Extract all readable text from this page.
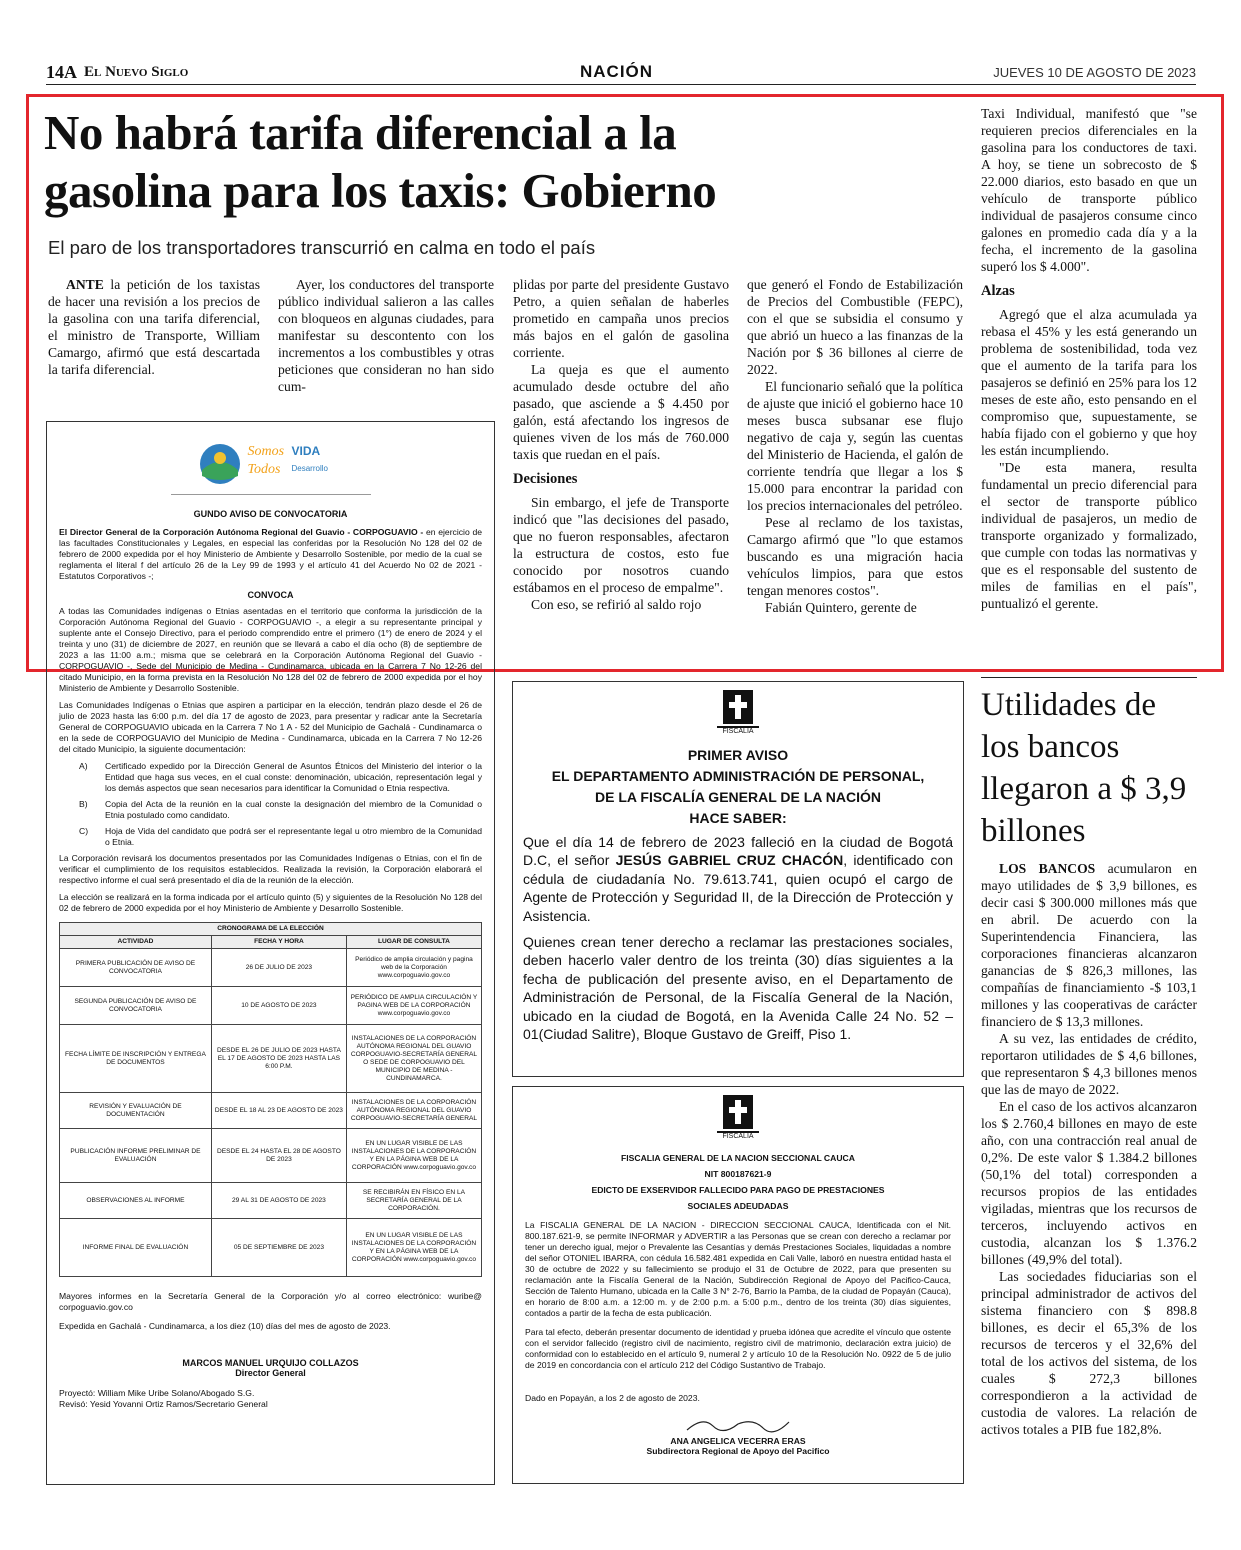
14A El Nuevo Siglo	NACIÓN	JUEVES 10 DE AGOSTO DE 2023
No habrá tarifa diferencial a la
gasolina para los taxis: Gobierno
El paro de los transportadores transcurrió en calma en todo el país

ANTE la petición de los taxistas de hacer una revisión a los precios de la gasolina con una tarifa diferencial, el ministro de Transporte, William Camargo, afirmó que está descartada la tarifa diferencial.

Ayer, los conductores del transporte público individual salieron a las calles con bloqueos en algunas ciudades, para manifestar su descontento con los incrementos a los combustibles y otras peticiones que consideran no han sido cum-

plidas por parte del presidente Gustavo Petro, a quien señalan de haberles prometido en campaña unos precios más bajos en el galón de gasolina corriente.

La queja es que el aumento acumulado desde octubre del año pasado, que asciende a $ 4.450 por galón, está afectando los ingresos de quienes viven de los más de 760.000 taxis que ruedan en el país.

Decisiones

Sin embargo, el jefe de Transporte indicó que "las decisiones del pasado, que no fueron responsables, afectaron la estructura de costos, esto fue conocido por nosotros cuando estábamos en el proceso de empalme".

Con eso, se refirió al saldo rojo

que generó el Fondo de Estabilización de Precios del Combustible (FEPC), con el que se subsidia el consumo y que abrió un hueco a las finanzas de la Nación por $ 36 billones al cierre de 2022.

El funcionario señaló que la política de ajuste que inició el gobierno hace 10 meses busca subsanar ese flujo negativo de caja y, según las cuentas del Ministerio de Hacienda, el galón de corriente tendría que llegar a los $ 15.000 para encontrar la paridad con los precios internacionales del petróleo.

Pese al reclamo de los taxistas, Camargo afirmó que "lo que estamos buscando es una migración hacia vehículos limpios, para que estos tengan menores costos".

Fabián Quintero, gerente de

Taxi Individual, manifestó que "se requieren precios diferenciales en la gasolina para los conductores de taxi. A hoy, se tiene un sobrecosto de $ 22.000 diarios, esto basado en que un vehículo de transporte público individual de pasajeros consume cinco galones en promedio cada día y a la fecha, el incremento de la gasolina superó los $ 4.000".

Alzas

Agregó que el alza acumulada ya rebasa el 45% y les está generando un problema de sostenibilidad, toda vez que el aumento de la tarifa para los pasajeros se definió en 25% para los 12 meses de este año, esto pensando en el compromiso que, supuestamente, se había fijado con el gobierno y que hoy les están incumpliendo.

"De esta manera, resulta fundamental un precio diferencial para el sector de transporte público individual de pasajeros, un medio de transporte organizado y formalizado, que cumple con todas las normativas y que es el responsable del sustento de miles de familias en el país", puntualizó el gerente.

Utilidades de los bancos llegaron a $ 3,9 billones

LOS BANCOS acumularon en mayo utilidades de $ 3,9 billones, es decir casi $ 300.000 millones más que en abril. De acuerdo con la Superintendencia Financiera, las corporaciones financieras alcanzaron ganancias de $ 826,3 millones, las compañías de financiamiento -$ 103,1 millones y las cooperativas de carácter financiero de $ 13,3 millones.

A su vez, las entidades de crédito, reportaron utilidades de $ 4,6 billones, que representaron $ 4,3 billones menos que las de mayo de 2022.

En el caso de los activos alcanzaron los $ 2.760,4 billones en mayo de este año, con una contracción real anual de 0,2%. De este valor $ 1.384.2 billones (50,1% del total) corresponden a recursos propios de las entidades vigiladas, mientras que los recursos de terceros, incluyendo activos en custodia, alcanzan los $ 1.376.2 billones (49,9% del total).

Las sociedades fiduciarias son el principal administrador de activos del sistema financiero con $ 898.8 billones, es decir el 65,3% de los recursos de terceros y el 32,6% del total de los activos del sistema, de los cuales $ 272,3 billones correspondieron a la actividad de custodia de valores. La relación de activos totales a PIB fue 182,8%.

Somos
Todos
VIDA
Desarrollo
GUNDO AVISO DE CONVOCATORIA

El Director General de la Corporación Autónoma Regional del Guavio - CORPOGUAVIO - en ejercicio de las facultades Constitucionales y Legales, en especial las conferidas por la Resolución No 128 del 02 de febrero de 2000 expedida por el hoy Ministerio de Ambiente y Desarrollo Sostenible, por medio de la cual se reglamenta el literal f del artículo 26 de la Ley 99 de 1993 y el artículo 41 del Acuerdo No 02 de 2021 - Estatutos Corporativos -;

CONVOCA

A todas las Comunidades indígenas o Etnias asentadas en el territorio que conforma la jurisdicción de la Corporación Autónoma Regional del Guavio - CORPOGUAVIO -, a elegir a su representante principal y suplente ante el Consejo Directivo, para el periodo comprendido entre el primero (1°) de enero de 2024 y el treinta y uno (31) de diciembre de 2027, en reunión que se llevará a cabo el día ocho (8) de septiembre de 2023 a las 11:00 a.m.; misma que se celebrará en la Corporación Autónoma Regional del Guavio - CORPOGUAVIO -, Sede del Municipio de Medina - Cundinamarca, ubicada en la Carrera 7 No 12-26 del citado Municipio, en la forma prevista en la Resolución No 128 del 02 de febrero de 2000 expedida por el hoy Ministerio de Ambiente y Desarrollo Sostenible.

Las Comunidades Indígenas o Etnias que aspiren a participar en la elección, tendrán plazo desde el 26 de julio de 2023 hasta las 6:00 p.m. del día 17 de agosto de 2023, para presentar y radicar ante la Secretaría General de CORPOGUAVIO ubicada en la Carrera 7 No 1 A - 52 del Municipio de Gachalá - Cundinamarca o en la sede de CORPOGUAVIO del Municipio de Medina - Cundinamarca, ubicada en la Carrera 7 No 12-26 del citado Municipio, la siguiente documentación:

A)	Certificado expedido por la Dirección General de Asuntos Étnicos del Ministerio del interior o la Entidad que haga sus veces, en el cual conste: denominación, ubicación, representación legal y los demás aspectos que sean necesarios para identificar la Comunidad o Etnia respectiva.
B)	Copia del Acta de la reunión en la cual conste la designación del miembro de la Comunidad o Etnia postulado como candidato.
C)	Hoja de Vida del candidato que podrá ser el representante legal u otro miembro de la Comunidad o Etnia.

La Corporación revisará los documentos presentados por las Comunidades Indígenas o Etnias, con el fin de verificar el cumplimiento de los requisitos establecidos. Realizada la revisión, la Corporación elaborará el respectivo informe el cual será presentado el día de la reunión de la elección.

La elección se realizará en la forma indicada por el artículo quinto (5) y siguientes de la Resolución No 128 del 02 de febrero de 2000 expedida por el hoy Ministerio de Ambiente y Desarrollo Sostenible.

CRONOGRAMA DE LA ELECCIÓN		
ACTIVIDAD	FECHA Y HORA	LUGAR DE CONSULTA
PRIMERA PUBLICACIÓN DE AVISO DE CONVOCATORIA	26 DE JULIO DE 2023	Periódico de amplia circulación y pagina web de la Corporación www.corpoguavio.gov.co
SEGUNDA PUBLICACIÓN DE AVISO DE CONVOCATORIA	10 DE AGOSTO DE 2023	PERIÓDICO DE AMPLIA CIRCULACIÓN Y PAGINA WEB DE LA CORPORACIÓN www.corpoguavio.gov.co
FECHA LÍMITE DE INSCRIPCIÓN Y ENTREGA DE DOCUMENTOS	DESDE EL 26 DE JULIO DE 2023 HASTA EL 17 DE AGOSTO DE 2023 HASTA LAS 6:00 P.M.	INSTALACIONES DE LA CORPORACIÓN AUTÓNOMA REGIONAL DEL GUAVIO CORPOGUAVIO-SECRETARÍA GENERAL O SEDE DE CORPOGUAVIO DEL MUNICIPIO DE MEDINA - CUNDINAMARCA.
REVISIÓN Y EVALUACIÓN DE DOCUMENTACIÓN	DESDE EL 18 AL 23 DE AGOSTO DE 2023	INSTALACIONES DE LA CORPORACIÓN AUTÓNOMA REGIONAL DEL GUAVIO CORPOGUAVIO-SECRETARÍA GENERAL
PUBLICACIÓN INFORME PRELIMINAR DE EVALUACIÓN	DESDE EL 24 HASTA EL 28 DE AGOSTO DE 2023	EN UN LUGAR VISIBLE DE LAS INSTALACIONES DE LA CORPORACIÓN Y EN LA PÁGINA WEB DE LA CORPORACIÓN www.corpoguavio.gov.co
OBSERVACIONES AL INFORME	29 AL 31 DE AGOSTO DE 2023	SE RECIBIRÁN EN FÍSICO EN LA SECRETARÍA GENERAL DE LA CORPORACIÓN.
INFORME FINAL DE EVALUACIÓN	05 DE SEPTIEMBRE DE 2023	EN UN LUGAR VISIBLE DE LAS INSTALACIONES DE LA CORPORACIÓN Y EN LA PÁGINA WEB DE LA CORPORACIÓN www.corpoguavio.gov.co

Mayores informes en la Secretaría General de la Corporación y/o al correo electrónico: wuribe@ corpoguavio.gov.co

Expedida en Gachalá - Cundinamarca, a los diez (10) días del mes de agosto de 2023.

MARCOS MANUEL URQUIJO COLLAZOS
Director General

Proyectó: William Mike Uribe Solano/Abogado S.G.

Revisó: Yesid Yovanni Ortiz Ramos/Secretario General

FISCALÍA
PRIMER AVISO
EL DEPARTAMENTO ADMINISTRACIÓN DE PERSONAL,
DE LA FISCALÍA GENERAL DE LA NACIÓN
HACE SABER:

Que el día 14 de febrero de 2023 falleció en la ciudad de Bogotá D.C, el señor JESÚS GABRIEL CRUZ CHACÓN, identificado con cédula de ciudadanía No. 79.613.741, quien ocupó el cargo de Agente de Protección y Seguridad II, de la Dirección de Protección y Asistencia.

Quienes crean tener derecho a reclamar las prestaciones sociales, deben hacerlo valer dentro de los treinta (30) días siguientes a la fecha de publicación del presente aviso, en el Departamento de Administración de Personal, de la Fiscalía General de la Nación, ubicado en la ciudad de Bogotá, en la Avenida Calle 24 No. 52 – 01(Ciudad Salitre), Bloque Gustavo de Greiff, Piso 1.

FISCALÍA
FISCALIA GENERAL DE LA NACION SECCIONAL CAUCA
NIT 800187621-9
EDICTO DE EXSERVIDOR FALLECIDO PARA PAGO DE PRESTACIONES
SOCIALES ADEUDADAS

La FISCALIA GENERAL DE LA NACION - DIRECCION SECCIONAL CAUCA, Identificada con el Nit. 800.187.621-9, se permite INFORMAR y ADVERTIR a las Personas que se crean con derecho a reclamar por tener un derecho igual, mejor o Prevalente las Cesantías y demás Prestaciones Sociales, liquidadas a nombre del señor OTONIEL IBARRA, con cédula 16.582.481 expedida en Cali Valle, laboró en nuestra entidad hasta el 30 de octubre de 2022 y su fallecimiento se produjo el 31 de Octubre de 2022, para que presenten su reclamación ante la Fiscalía General de la Nación, Subdirección Regional de Apoyo del Pacifico-Cauca, Sección de Talento Humano, ubicada en la Calle 3 N° 2-76, Barrio la Pamba, de la ciudad de Popayán (Cauca), en horario de 8:00 a.m. a 12:00 m. y de 2:00 p.m. a 5:00 p.m., dentro de los treinta (30) días siguientes, contados a partir de la fecha de esta publicación.

Para tal efecto, deberán presentar documento de identidad y prueba idónea que acredite el vínculo que ostente con el servidor fallecido (registro civil de nacimiento, registro civil de matrimonio, declaración extra juicio) de conformidad con lo establecido en el artículo 9, numeral 2 y artículo 10 de la Resolución No. 0922 de 5 de julio de 2019 en concordancia con el artículo 212 del Código Sustantivo de Trabajo.

Dado en Popayán, a los 2 de agosto de 2023.

ANA ANGELICA VECERRA ERAS
Subdirectora Regional de Apoyo del Pacifico
